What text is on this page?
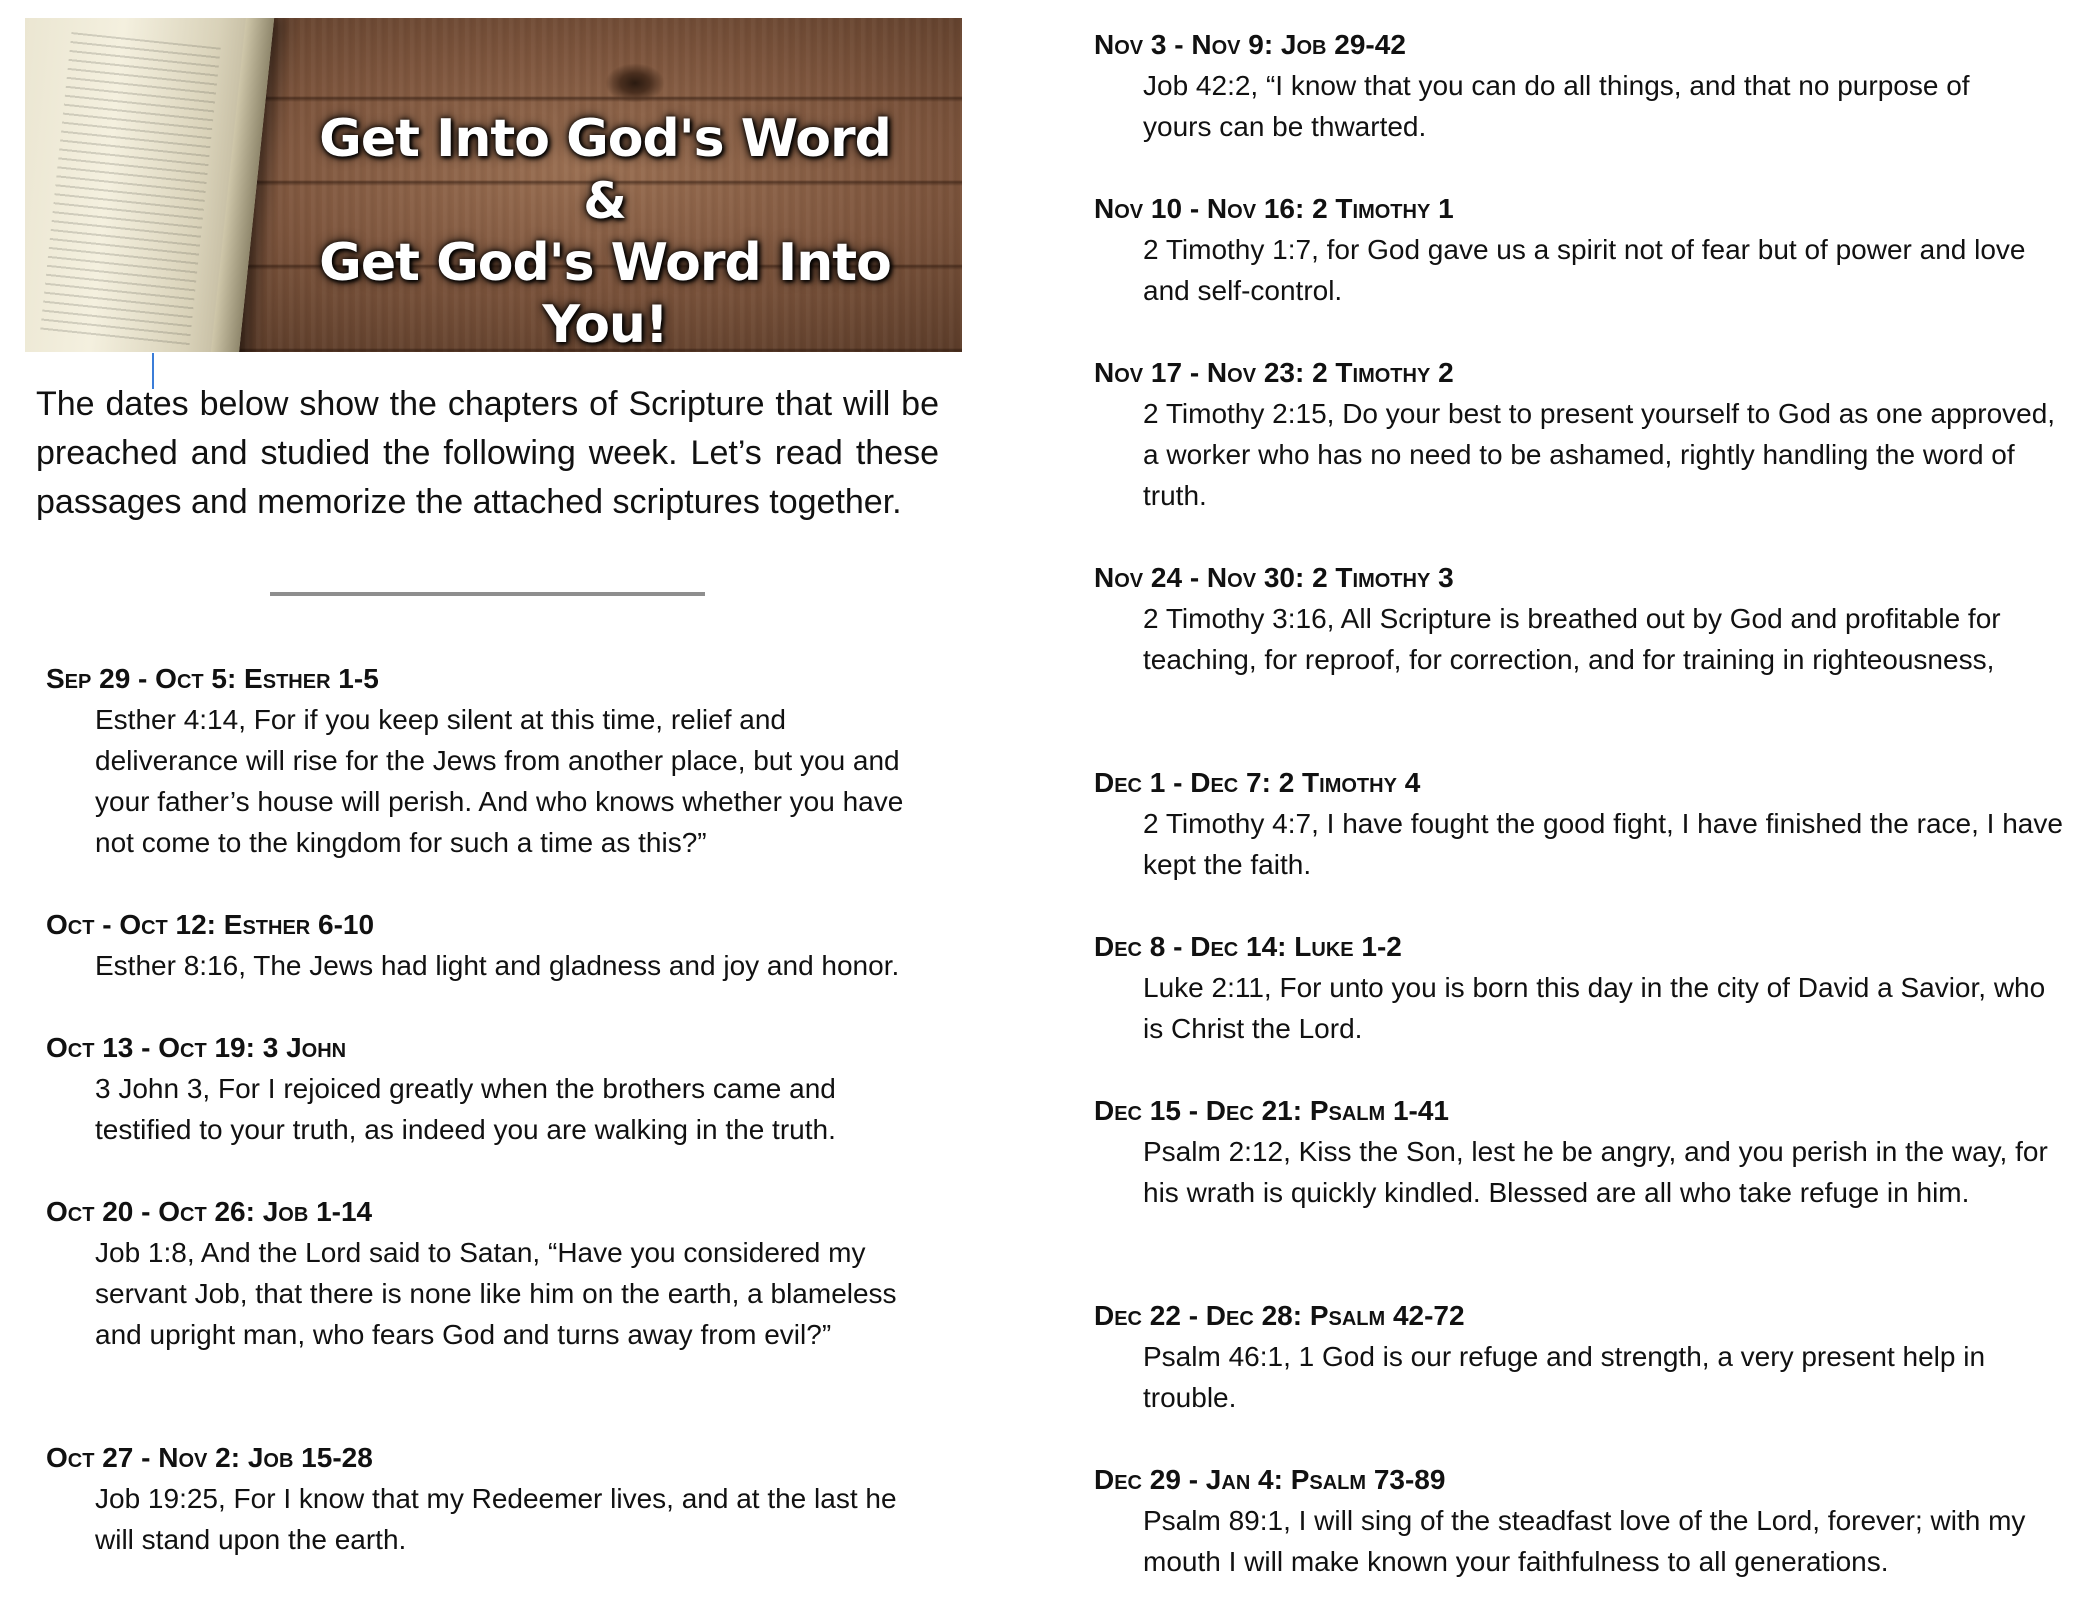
Get Into God's Word
&
Get God's Word Into You!
The dates below show the chapters of Scripture that will be preached and studied the following week. Let’s read these passages and memorize the attached scriptures together.
Sep 29 - Oct 5: Esther 1-5
Esther 4:14, For if you keep silent at this time, relief and deliverance will rise for the Jews from another place, but you and your father’s house will perish. And who knows whether you have not come to the kingdom for such a time as this?”
Oct - Oct 12: Esther 6-10
Esther 8:16, The Jews had light and gladness and joy and honor.
Oct 13 - Oct 19: 3 John
3 John 3, For I rejoiced greatly when the brothers came and testified to your truth, as indeed you are walking in the truth.
Oct 20 - Oct 26: Job 1-14
Job 1:8, And the Lord said to Satan, “Have you considered my servant Job, that there is none like him on the earth, a blameless and upright man, who fears God and turns away from evil?”
Oct 27 - Nov 2: Job 15-28
Job 19:25, For I know that my Redeemer lives, and at the last he will stand upon the earth.
Nov 3 - Nov 9: Job 29-42
Job 42:2, “I know that you can do all things, and that no purpose of yours can be thwarted.
Nov 10 - Nov 16: 2 Timothy 1
2 Timothy 1:7, for God gave us a spirit not of fear but of power and love and self-control.
Nov 17 - Nov 23: 2 Timothy 2
2 Timothy 2:15, Do your best to present yourself to God as one approved, a worker who has no need to be ashamed, rightly handling the word of truth.
Nov 24 - Nov 30: 2 Timothy 3
2 Timothy 3:16, All Scripture is breathed out by God and profitable for teaching, for reproof, for correction, and for training in righteousness,
Dec 1 - Dec 7: 2 Timothy 4
2 Timothy 4:7, I have fought the good fight, I have finished the race, I have kept the faith.
Dec 8 - Dec 14: Luke 1-2
Luke 2:11, For unto you is born this day in the city of David a Savior, who is Christ the Lord.
Dec 15 - Dec 21: Psalm 1-41
Psalm 2:12, Kiss the Son, lest he be angry, and you perish in the way, for his wrath is quickly kindled. Blessed are all who take refuge in him.
Dec 22 - Dec 28: Psalm 42-72
Psalm 46:1, 1 God is our refuge and strength, a very present help in trouble.
Dec 29 - Jan 4: Psalm 73-89
Psalm 89:1, I will sing of the steadfast love of the Lord, forever; with my mouth I will make known your faithfulness to all generations.
